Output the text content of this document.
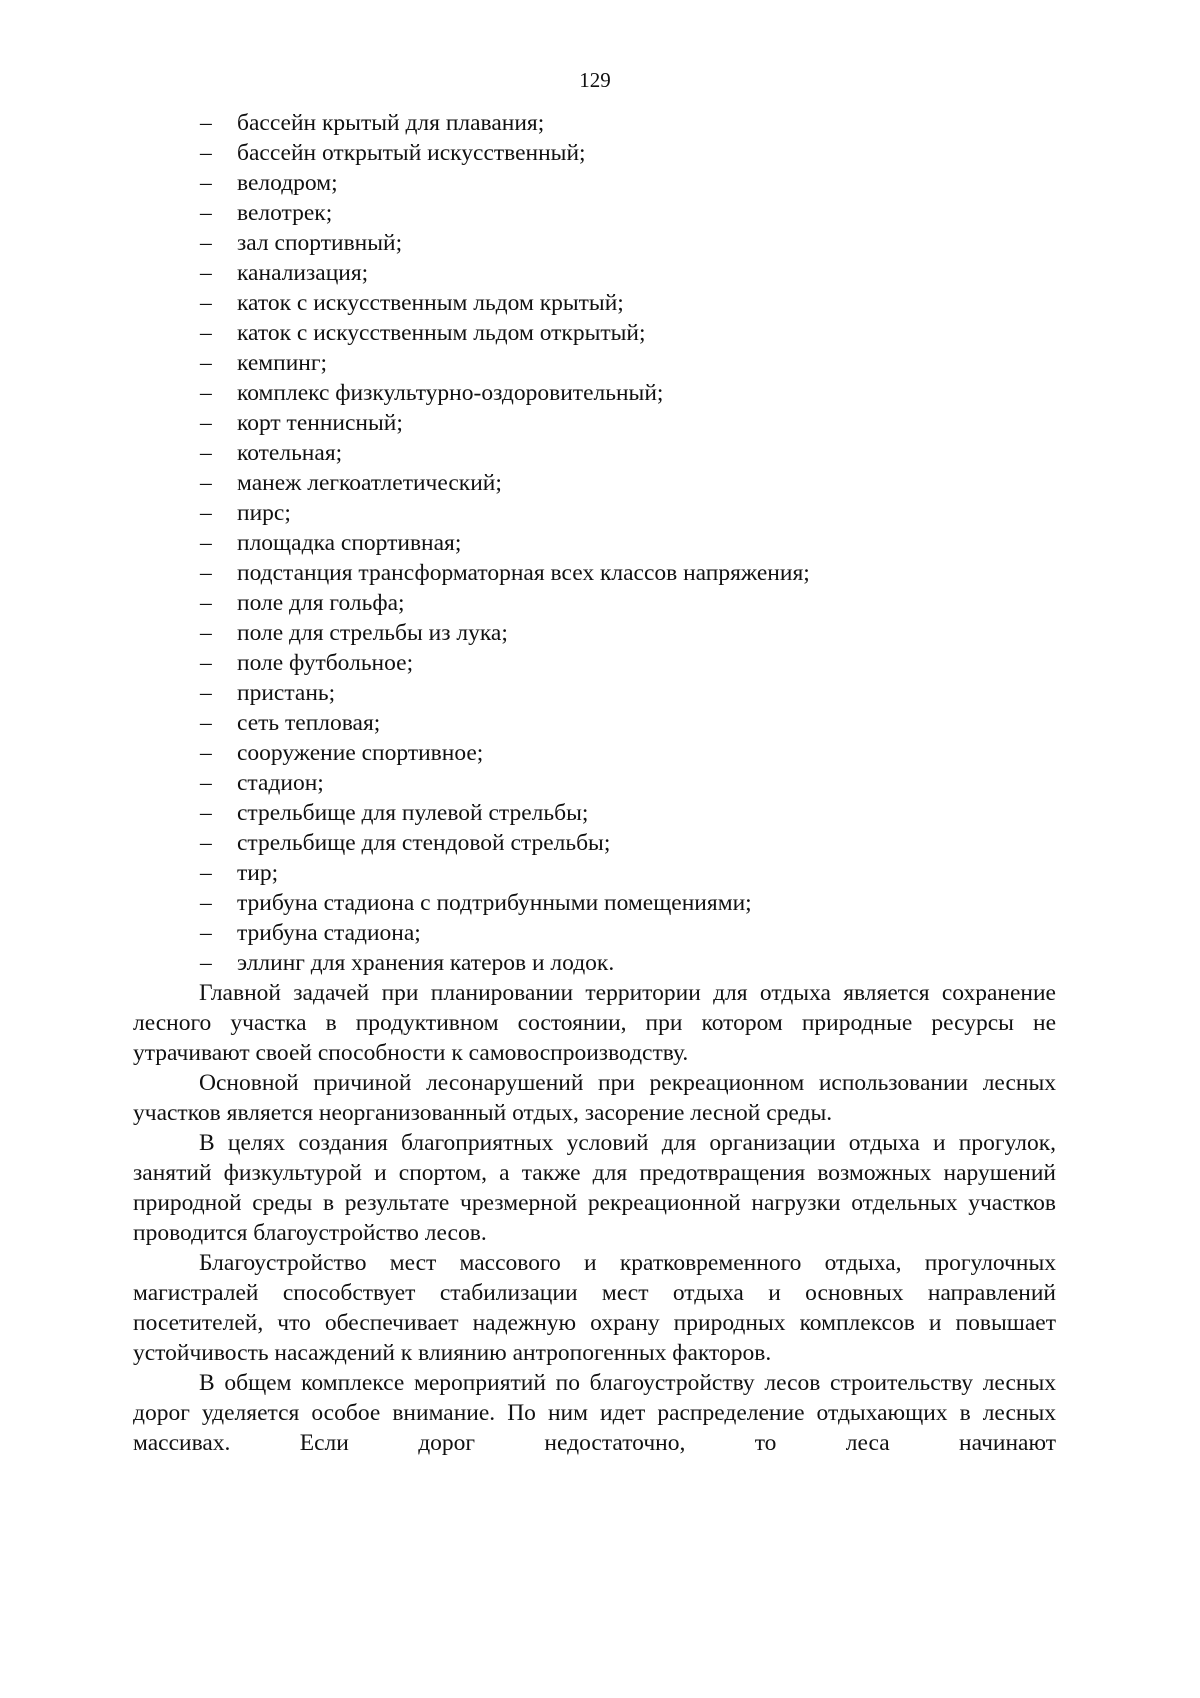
129
–	бассейн крытый для плавания;
–	бассейн открытый искусственный;
–	велодром;
–	велотрек;
–	зал спортивный;
–	канализация;
–	каток с искусственным льдом крытый;
–	каток с искусственным льдом открытый;
–	кемпинг;
–	комплекс физкультурно-оздоровительный;
–	корт теннисный;
–	котельная;
–	манеж легкоатлетический;
–	пирс;
–	площадка спортивная;
–	подстанция трансформаторная всех классов напряжения;
–	поле для гольфа;
–	поле для стрельбы из лука;
–	поле футбольное;
–	пристань;
–	сеть тепловая;
–	сооружение спортивное;
–	стадион;
–	стрельбище для пулевой стрельбы;
–	стрельбище для стендовой стрельбы;
–	тир;
–	трибуна стадиона с подтрибунными помещениями;
–	трибуна стадиона;
–	эллинг для хранения катеров и лодок.

Главной задачей при планировании территории для отдыха является сохранение лесного участка в продуктивном состоянии, при котором природные ресурсы не утрачивают своей способности к самовоспроизводству.

Основной причиной лесонарушений при рекреационном использовании лесных участков является неорганизованный отдых, засорение лесной среды.

В целях создания благоприятных условий для организации отдыха и прогулок, занятий физкультурой и спортом, а также для предотвращения возможных нарушений природной среды в результате чрезмерной рекреационной нагрузки отдельных участков проводится благоустройство лесов.

Благоустройство мест массового и кратковременного отдыха, прогулочных магистралей способствует стабилизации мест отдыха и основных направлений посетителей, что обеспечивает надежную охрану природных комплексов и повышает устойчивость насаждений к влиянию антропогенных факторов.

В общем комплексе мероприятий по благоустройству лесов строительству лесных дорог уделяется особое внимание. По ним идет распределение отдыхающих в лесных массивах. Если дорог недостаточно, то леса начинают
